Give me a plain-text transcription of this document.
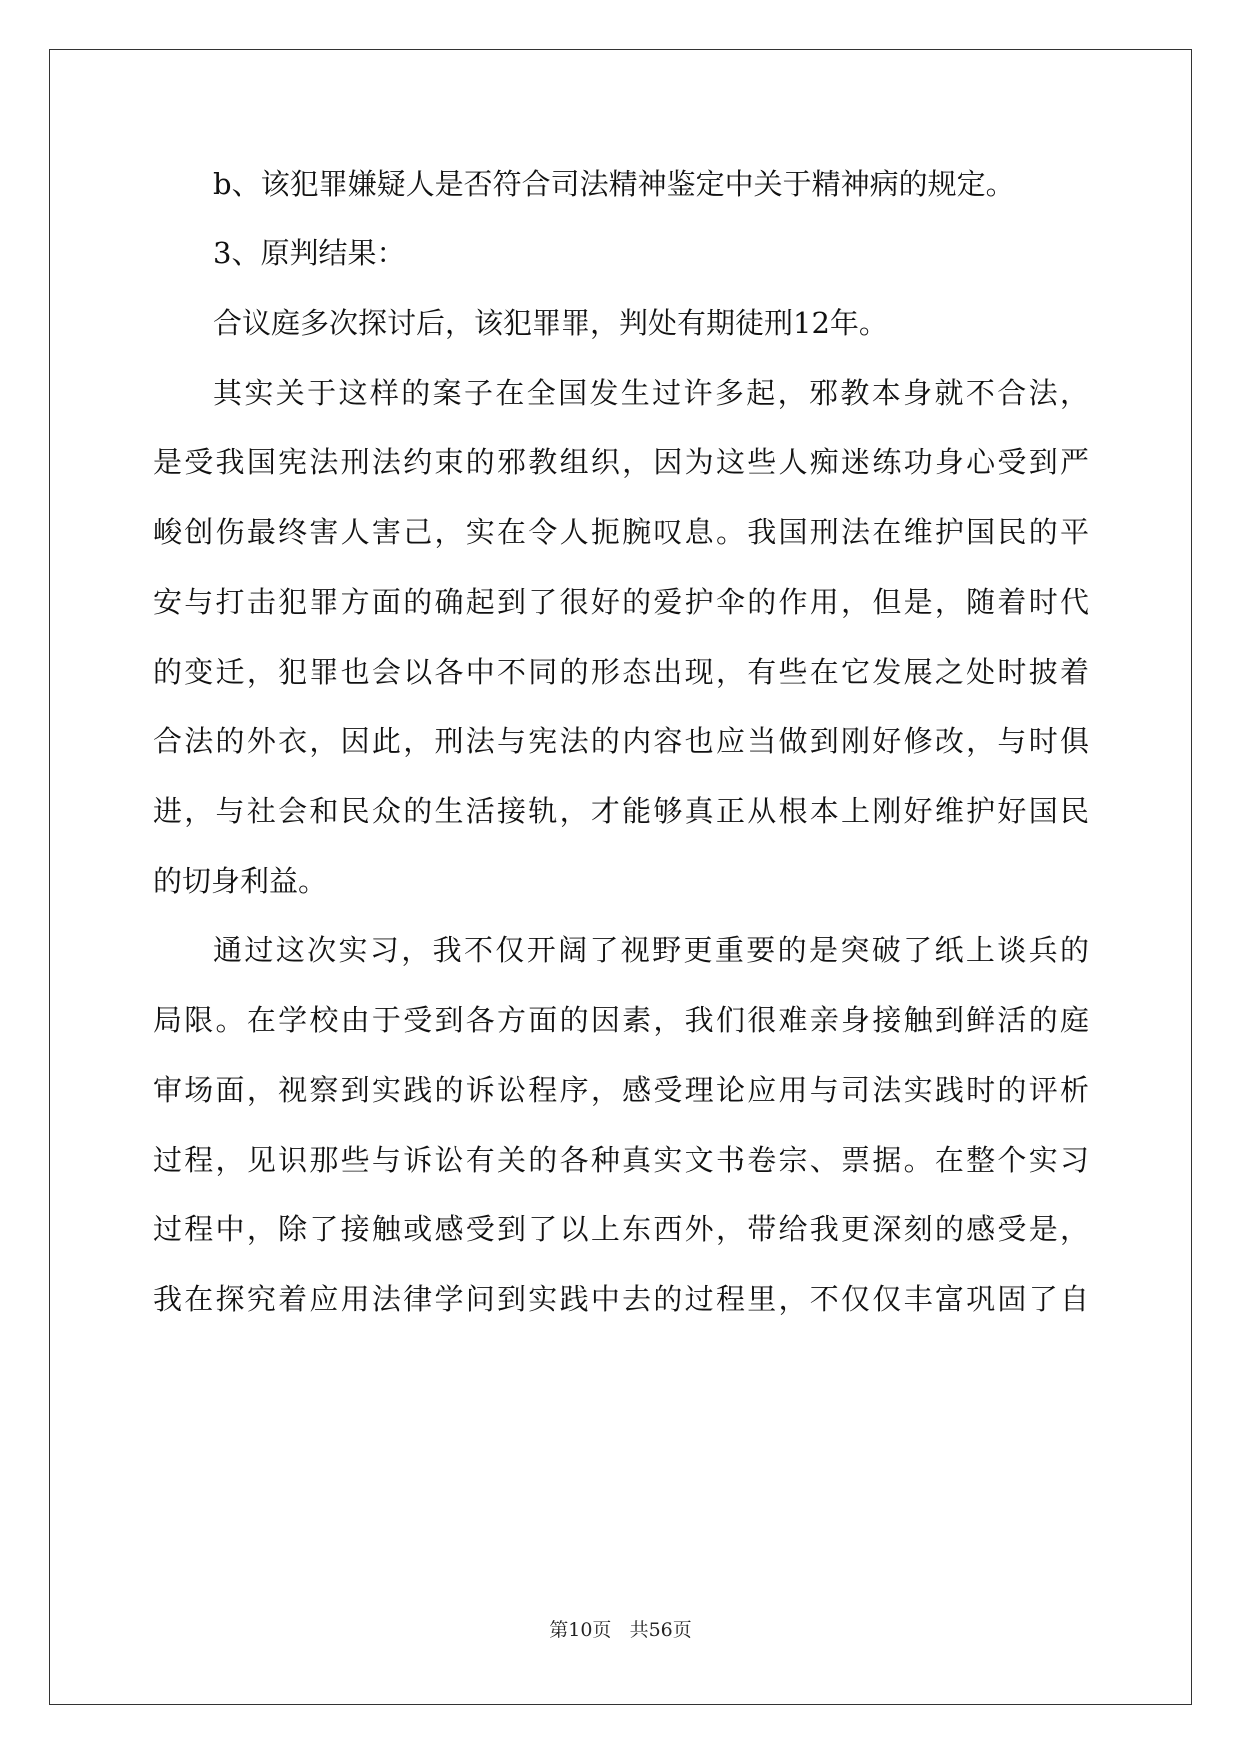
b、该犯罪嫌疑人是否符合司法精神鉴定中关于精神病的规定。
3、原判结果：
合议庭多次探讨后，该犯罪罪，判处有期徒刑12年。
其实关于这样的案子在全国发生过许多起，邪教本身就不合法，
是受我国宪法刑法约束的邪教组织，因为这些人痴迷练功身心受到严
峻创伤最终害人害己，实在令人扼腕叹息。我国刑法在维护国民的平
安与打击犯罪方面的确起到了很好的爱护伞的作用，但是，随着时代
的变迁，犯罪也会以各中不同的形态出现，有些在它发展之处时披着
合法的外衣，因此，刑法与宪法的内容也应当做到刚好修改，与时俱
进，与社会和民众的生活接轨，才能够真正从根本上刚好维护好国民
的切身利益。
通过这次实习，我不仅开阔了视野更重要的是突破了纸上谈兵的
局限。在学校由于受到各方面的因素，我们很难亲身接触到鲜活的庭
审场面，视察到实践的诉讼程序，感受理论应用与司法实践时的评析
过程，见识那些与诉讼有关的各种真实文书卷宗、票据。在整个实习
过程中，除了接触或感受到了以上东西外，带给我更深刻的感受是，
我在探究着应用法律学问到实践中去的过程里，不仅仅丰富巩固了自
第10页 共56页
